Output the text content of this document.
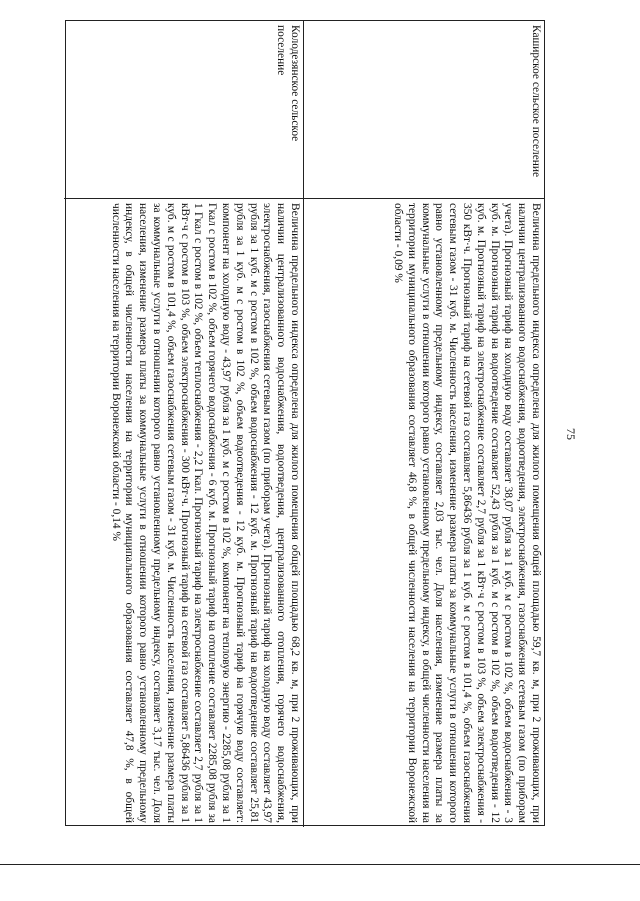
75
Каширское сельское поселение
Величина предельного индекса определена для жилого помещения общей площадью 59,7 кв. м, при 2 проживающих, при наличии централизованного водоснабжения, водоотведения, электроснабжения, газоснабжения сетевым газом (по приборам учета). Прогнозный тариф на холодную воду составляет 38,07 рубля за 1 куб. м с ростом в 102 %, объем водоснабжения - 3 куб. м. Прогнозный тариф на водоотведение составляет 52,43 рубля за 1 куб. м с ростом в 102 %, объем водоотведения - 12 куб. м. Прогнозный тариф на электроснабжение составляет 2,7 рубля за 1 кВт·ч с ростом в 103 %, объем электроснабжения - 350 кВт·ч. Прогнозный тариф на сетевой газ составляет 5,86436 рубля за 1 куб. м с ростом в 101,4 %, объем газоснабжения сетевым газом - 31 куб. м. Численность населения, изменение размера платы за коммунальные услуги в отношении которого равно установленному предельному индексу, составляет 2,03 тыс. чел. Доля населения, изменение размера платы за коммунальные услуги в отношении которого равно установленному предельному индексу, в общей численности населения на территории муниципального образования составляет 46,8 %, в общей численности населения на территории Воронежской области - 0,09 %
Колодезянское сельское поселение
Величина предельного индекса определена для жилого помещения общей площадью 68,2 кв. м, при 2 проживающих, при наличии централизованного водоснабжения, водоотведения, централизованного отопления, горячего водоснабжения, электроснабжения, газоснабжения сетевым газом (по приборам учета). Прогнозный тариф на холодную воду составляет 43,97 рубля за 1 куб. м с ростом в 102 %, объем водоснабжения - 12 куб. м. Прогнозный тариф на водоотведение составляет 25,81 рубля за 1 куб. м с ростом в 102 %, объем водоотведения - 12 куб. м. Прогнозный тариф на горячую воду составляет: компонент на холодную воду - 43,97 рубля за 1 куб. м с ростом в 102 %, компонент на тепловую энергию - 2285,08 рубля за 1 Гкал с ростом в 102 %, объем горячего водоснабжения - 6 куб. м. Прогнозный тариф на отопление составляет 2285,08 рубля за 1 Гкал с ростом в 102 %, объем теплоснабжения - 2,2 Гкал. Прогнозный тариф на электроснабжение составляет 2,7 рубля за 1 кВт·ч с ростом в 103 %, объем электроснабжения - 300 кВт·ч. Прогнозный тариф на сетевой газ составляет 5,86436 рубля за 1 куб. м с ростом в 101,4 %, объем газоснабжения сетевым газом - 31 куб. м. Численность населения, изменение размера платы за коммунальные услуги в отношении которого равно установленному предельному индексу, составляет 3,17 тыс. чел. Доля населения, изменение размера платы за коммунальные услуги в отношении которого равно установленному предельному индексу, в общей численности населения на территории муниципального образования составляет 47,8 %, в общей численности населения на территории Воронежской области - 0,14 %
